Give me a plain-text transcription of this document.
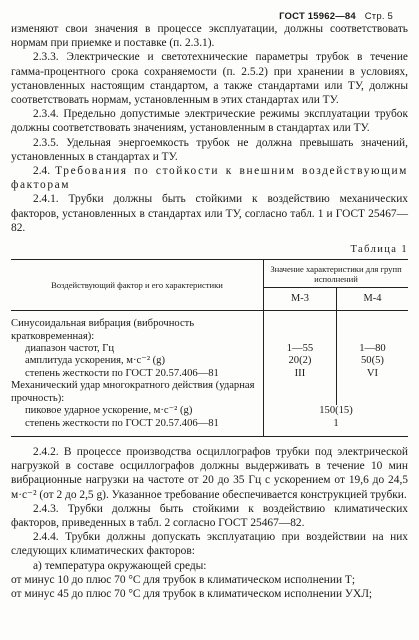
ГОСТ 15962—84 Стр. 5

изменяют свои значения в процессе эксплуатации, должны соответствовать нормам при приемке и поставке (п. 2.3.1).

2.3.3. Электрические и светотехнические параметры трубок в течение гамма-процентного срока сохраняемости (п. 2.5.2) при хранении в условиях, установленных настоящим стандартом, а также стандартами или ТУ, должны соответствовать нормам, установленным в этих стандартах или ТУ.

2.3.4. Предельно допустимые электрические режимы эксплуатации трубок должны соответствовать значениям, установленным в стандартах или ТУ.

2.3.5. Удельная энергоемкость трубок не должна превышать значений, установленных в стандартах и ТУ.

2.4. Требования по стойкости к внешним воздействующим факторам

2.4.1. Трубки должны быть стойкими к воздействию механических факторов, установленных в стандартах или ТУ, согласно табл. 1 и ГОСТ 25467—82.

Таблица 1
Воздействующий фактор и его характеристики	Значение характеристики для групп исполнений	
	М-3	М-4
Синусоидальная вибрация (виброчность кратковременная):		
диапазон частот, Гц	1—55	1—80
амплитуда ускорения, м·с⁻² (g)	20(2)	50(5)
степень жесткости по ГОСТ 20.57.406—81	III	VI
Механический удар многократного действия (ударная прочность):		
пиковое ударное ускорение, м·с⁻² (g)	150(15)	
степень жесткости по ГОСТ 20.57.406—81	1	

2.4.2. В процессе производства осциллографов трубки под электрической нагрузкой в составе осциллографов должны выдерживать в течение 10 мин вибрационные нагрузки на частоте от 20 до 35 Гц с ускорением от 19,6 до 24,5 м·с⁻² (от 2 до 2,5 g). Указанное требование обеспечивается конструкцией трубки.

2.4.3. Трубки должны быть стойкими к воздействию климатических факторов, приведенных в табл. 2 согласно ГОСТ 25467—82.

2.4.4. Трубки должны допускать эксплуатацию при воздействии на них следующих климатических факторов:

а) температура окружающей среды:

от минус 10 до плюс 70 °С для трубок в климатическом исполнении Т;

от минус 45 до плюс 70 °С для трубок в климатическом исполнении УХЛ;
